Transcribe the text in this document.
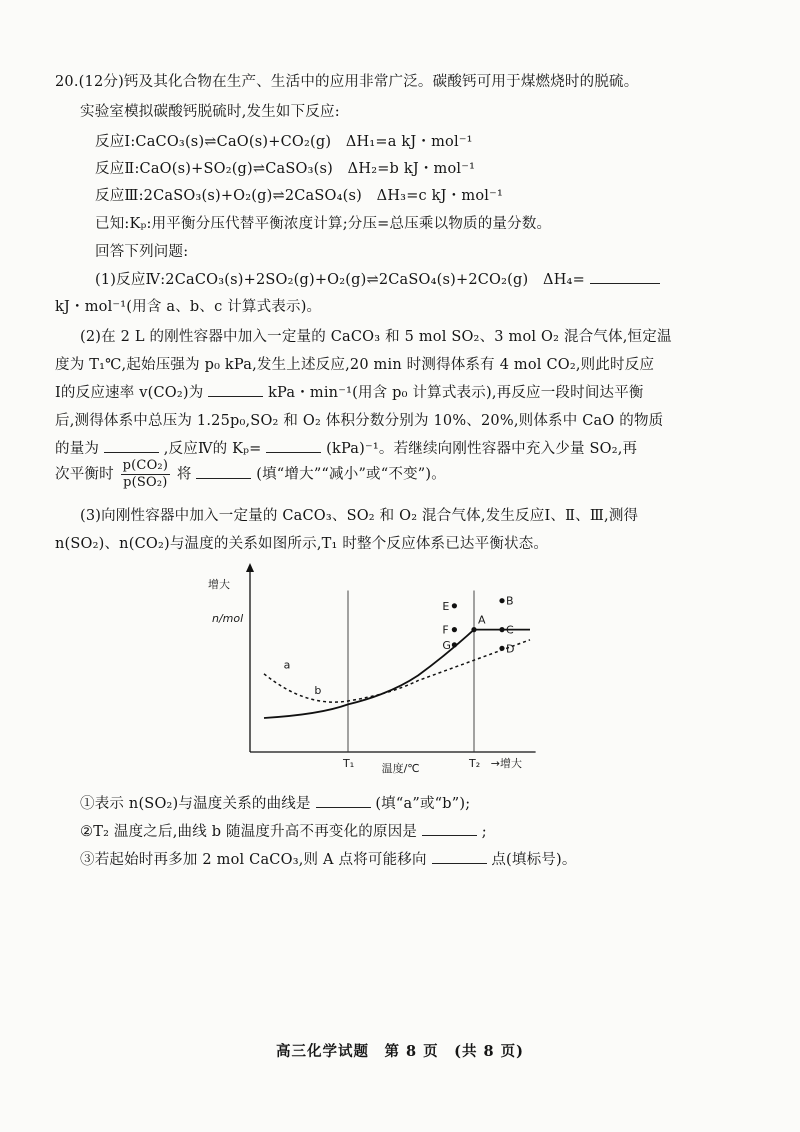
20.(12分)钙及其化合物在生产、生活中的应用非常广泛。碳酸钙可用于煤燃烧时的脱硫。
实验室模拟碳酸钙脱硫时,发生如下反应:
反应Ⅰ:CaCO₃(s)⇌CaO(s)+CO₂(g)　ΔH₁=a kJ・mol⁻¹
反应Ⅱ:CaO(s)+SO₂(g)⇌CaSO₃(s)　ΔH₂=b kJ・mol⁻¹
反应Ⅲ:2CaSO₃(s)+O₂(g)⇌2CaSO₄(s)　ΔH₃=c kJ・mol⁻¹
已知:Kₚ:用平衡分压代替平衡浓度计算;分压=总压乘以物质的量分数。
回答下列问题:
(1)反应Ⅳ:2CaCO₃(s)+2SO₂(g)+O₂(g)⇌2CaSO₄(s)+2CO₂(g)　ΔH₄=
kJ・mol⁻¹(用含 a、b、c 计算式表示)。
(2)在 2 L 的刚性容器中加入一定量的 CaCO₃ 和 5 mol SO₂、3 mol O₂ 混合气体,恒定温
度为 T₁℃,起始压强为 p₀ kPa,发生上述反应,20 min 时测得体系有 4 mol CO₂,则此时反应
Ⅰ的反应速率 v(CO₂)为	kPa・min⁻¹(用含 p₀ 计算式表示),再反应一段时间达平衡
后,测得体系中总压为 1.25p₀,SO₂ 和 O₂ 体积分数分别为 10%、20%,则体系中 CaO 的物质
的量为	,反应Ⅳ的 Kₚ=	(kPa)⁻¹。若继续向刚性容器中充入少量 SO₂,再
次平衡时 $\frac{\text{p(CO₂)}}{\text{p(SO₂)}}$ 将	(填“增大”“减小”或“不变”)。
(3)向刚性容器中加入一定量的 CaCO₃、SO₂ 和 O₂ 混合气体,发生反应Ⅰ、Ⅱ、Ⅲ,测得
n(SO₂)、n(CO₂)与温度的关系如图所示,T₁ 时整个反应体系已达平衡状态。
A
B
C
D
E
F
G
a
b
增大
n/mol
T₁	T₂
温度/℃	→增大
①表示 n(SO₂)与温度关系的曲线是	(填“a”或“b”);
②T₂ 温度之后,曲线 b 随温度升高不再变化的原因是	;
③若起始时再多加 2 mol CaCO₃,则 A 点将可能移向	点(填标号)。
高三化学试题　第 8 页　(共 8 页)
